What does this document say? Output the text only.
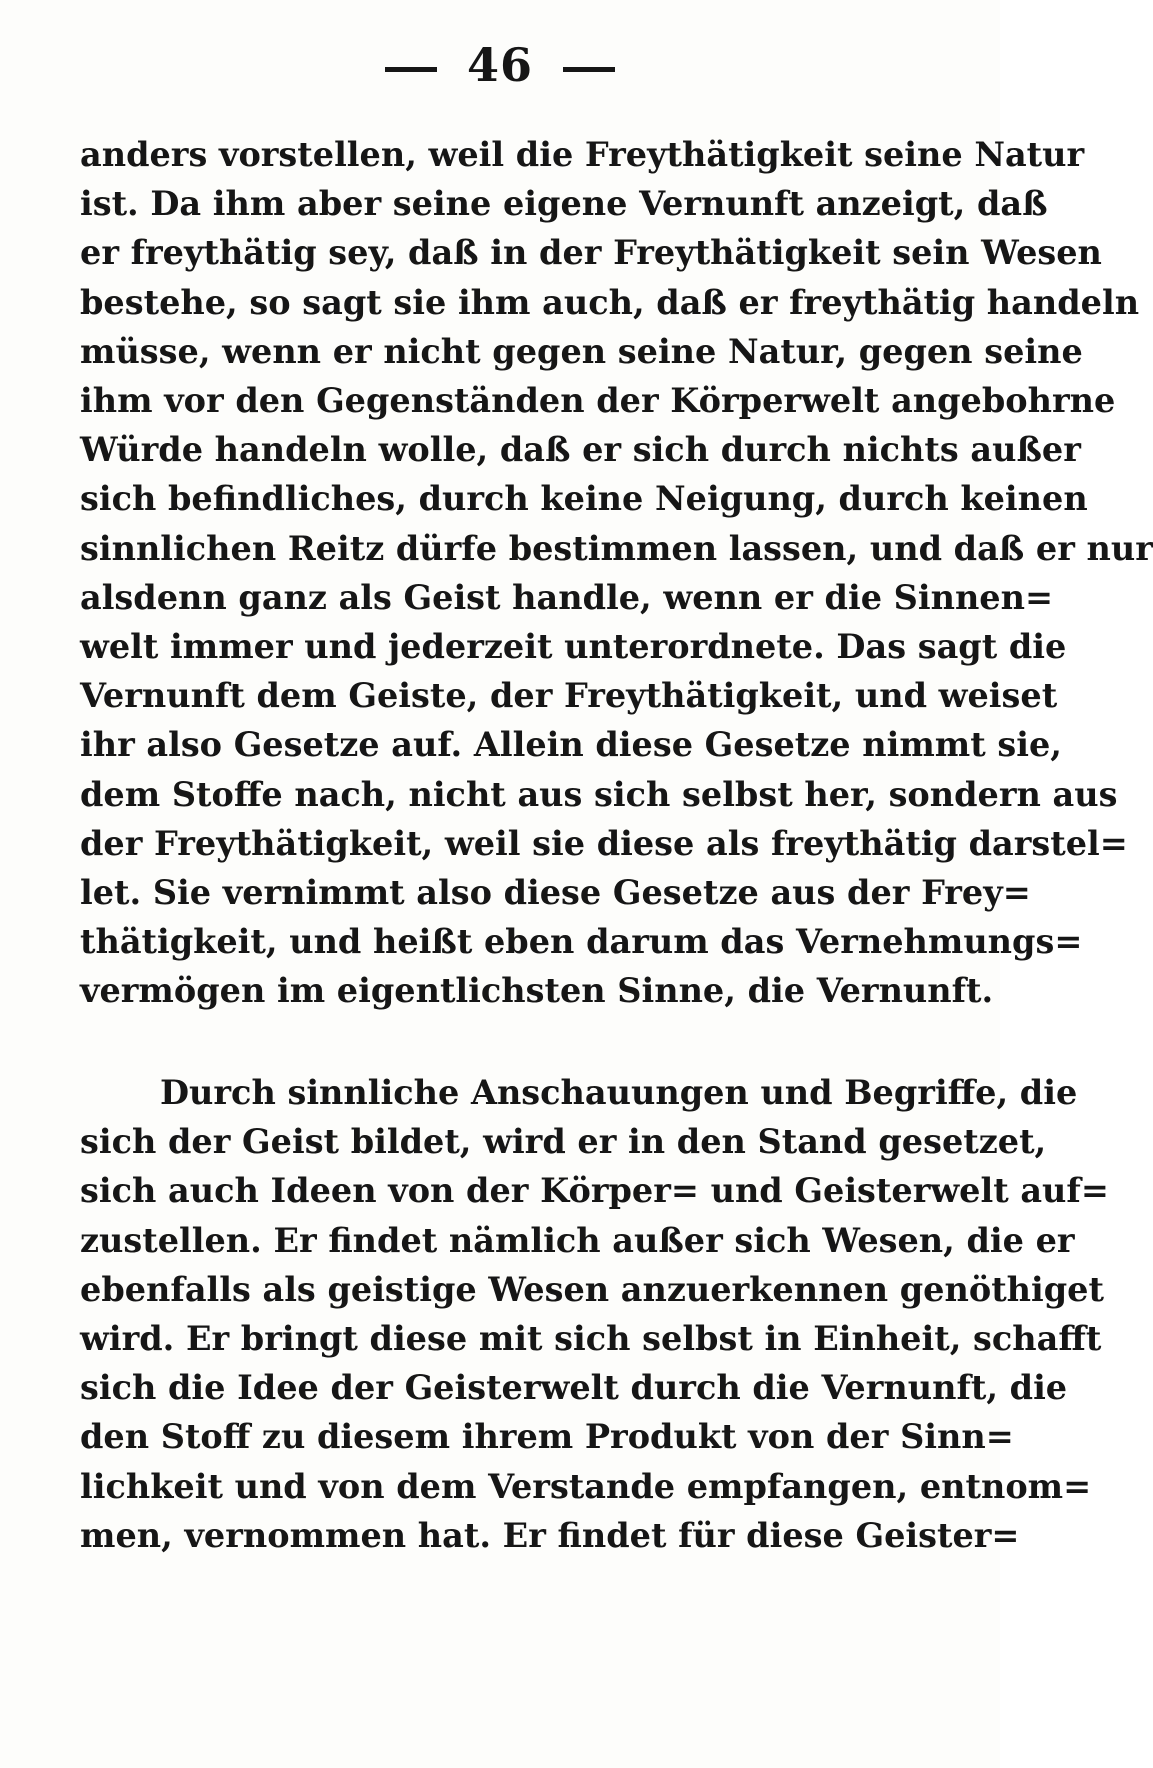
46
anders vorstellen, weil die Freythätigkeit seine Natur
ist. Da ihm aber seine eigene Vernunft anzeigt, daß
er freythätig sey, daß in der Freythätigkeit sein Wesen
bestehe, so sagt sie ihm auch, daß er freythätig handeln
müsse, wenn er nicht gegen seine Natur, gegen seine
ihm vor den Gegenständen der Körperwelt angebohrne
Würde handeln wolle, daß er sich durch nichts außer
sich befindliches, durch keine Neigung, durch keinen
sinnlichen Reitz dürfe bestimmen lassen, und daß er nur
alsdenn ganz als Geist handle, wenn er die Sinnen=
welt immer und jederzeit unterordnete. Das sagt die
Vernunft dem Geiste, der Freythätigkeit, und weiset
ihr also Gesetze auf. Allein diese Gesetze nimmt sie,
dem Stoffe nach, nicht aus sich selbst her, sondern aus
der Freythätigkeit, weil sie diese als freythätig darstel=
let. Sie vernimmt also diese Gesetze aus der Frey=
thätigkeit, und heißt eben darum das Vernehmungs=
vermögen im eigentlichsten Sinne, die Vernunft.
Durch sinnliche Anschauungen und Begriffe, die
sich der Geist bildet, wird er in den Stand gesetzet,
sich auch Ideen von der Körper= und Geisterwelt auf=
zustellen. Er findet nämlich außer sich Wesen, die er
ebenfalls als geistige Wesen anzuerkennen genöthiget
wird. Er bringt diese mit sich selbst in Einheit, schafft
sich die Idee der Geisterwelt durch die Vernunft, die
den Stoff zu diesem ihrem Produkt von der Sinn=
lichkeit und von dem Verstande empfangen, entnom=
men, vernommen hat. Er findet für diese Geister=
